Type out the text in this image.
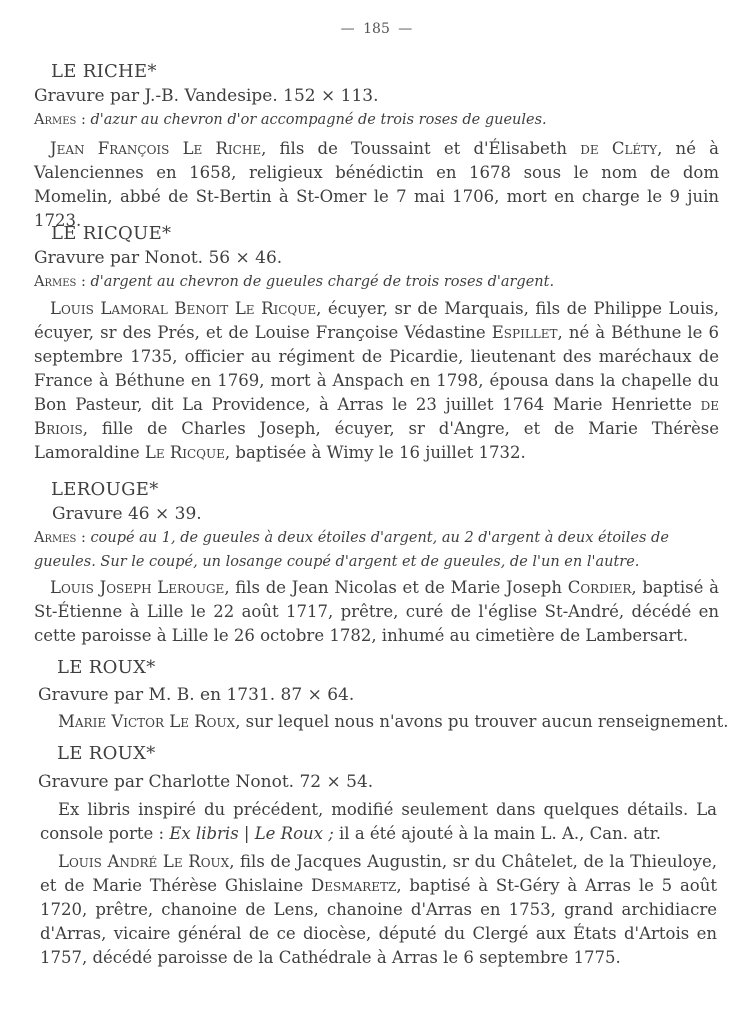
— 185 —
LE RICHE*
Gravure par J.-B. Vandesipe. 152 × 113.
Armes : d'azur au chevron d'or accompagné de trois roses de gueules.
Jean François Le Riche, fils de Toussaint et d'Élisabeth de Cléty, né à Valenciennes en 1658, religieux bénédictin en 1678 sous le nom de dom Momelin, abbé de St-Bertin à St-Omer le 7 mai 1706, mort en charge le 9 juin 1723.
LE RICQUE*
Gravure par Nonot. 56 × 46.
Armes : d'argent au chevron de gueules chargé de trois roses d'argent.
Louis Lamoral Benoit Le Ricque, écuyer, sr de Marquais, fils de Philippe Louis, écuyer, sr des Prés, et de Louise Françoise Védastine Espillet, né à Béthune le 6 septembre 1735, officier au régiment de Picardie, lieutenant des maréchaux de France à Béthune en 1769, mort à Anspach en 1798, épousa dans la chapelle du Bon Pasteur, dit La Providence, à Arras le 23 juillet 1764 Marie Henriette de Briois, fille de Charles Joseph, écuyer, sr d'Angre, et de Marie Thérèse Lamoraldine Le Ricque, baptisée à Wimy le 16 juillet 1732.
LEROUGE*
Gravure 46 × 39.
Armes : coupé au 1, de gueules à deux étoiles d'argent, au 2 d'argent à deux étoiles de gueules. Sur le coupé, un losange coupé d'argent et de gueules, de l'un en l'autre.
Louis Joseph Lerouge, fils de Jean Nicolas et de Marie Joseph Cordier, baptisé à St-Étienne à Lille le 22 août 1717, prêtre, curé de l'église St-André, décédé en cette paroisse à Lille le 26 octobre 1782, inhumé au cimetière de Lambersart.
LE ROUX*
Gravure par M. B. en 1731. 87 × 64.
Marie Victor Le Roux, sur lequel nous n'avons pu trouver aucun renseignement.
LE ROUX*
Gravure par Charlotte Nonot. 72 × 54.
Ex libris inspiré du précédent, modifié seulement dans quelques détails. La console porte : Ex libris | Le Roux ; il a été ajouté à la main L. A., Can. atr.
Louis André Le Roux, fils de Jacques Augustin, sr du Châtelet, de la Thieuloye, et de Marie Thérèse Ghislaine Desmaretz, baptisé à St-Géry à Arras le 5 août 1720, prêtre, chanoine de Lens, chanoine d'Arras en 1753, grand archidiacre d'Arras, vicaire général de ce diocèse, député du Clergé aux États d'Artois en 1757, décédé paroisse de la Cathédrale à Arras le 6 septembre 1775.
